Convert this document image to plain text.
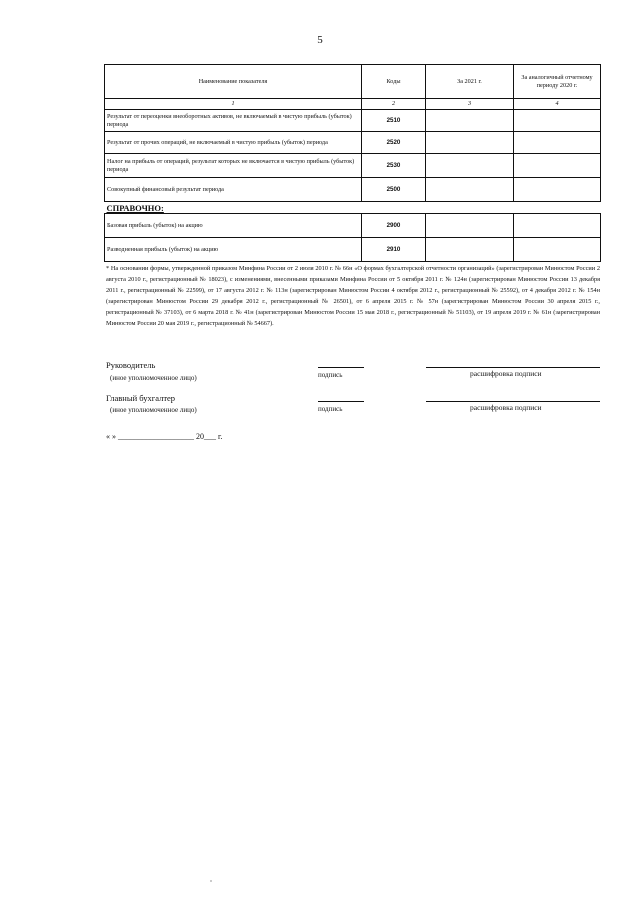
5
Наименование показателя	Коды	За 2021 г.	За аналогичный отчетному периоду 2020 г.
1	2	3	4
Результат от переоценки внеоборотных активов, не включаемый в чистую прибыль (убыток) периода	2510		
Результат от прочих операций, не включаемый в чистую прибыль (убыток) периода	2520		
Налог на прибыль от операций, результат которых не включается в чистую прибыль (убыток) периода	2530		
Совокупный финансовый результат периода	2500		
СПРАВОЧНО:			
Базовая прибыль (убыток) на акцию	2900		
Разводненная прибыль (убыток) на акцию	2910		
* На основании формы, утвержденной приказом Минфина России от 2 июля 2010 г. № 66н «О формах бухгалтерской отчетности организаций» (зарегистрирован Минюстом России 2 августа 2010 г., регистрационный № 18023), с изменениями, внесенными приказами Минфина России от 5 октября 2011 г. № 124н (зарегистрирован Минюстом России 13 декабря 2011 г., регистрационный № 22599), от 17 августа 2012 г. № 113н (зарегистрирован Минюстом России 4 октября 2012 г., регистрационный № 25592), от 4 декабря 2012 г. № 154н (зарегистрирован Минюстом России 29 декабря 2012 г., регистрационный № 26501), от 6 апреля 2015 г. № 57н (зарегистрирован Минюстом России 30 апреля 2015 г., регистрационный № 37103), от 6 марта 2018 г. № 41н (зарегистрирован Минюстом России 15 мая 2018 г., регистрационный № 51103), от 19 апреля 2019 г. № 61н (зарегистрирован Минюстом России 20 мая 2019 г., регистрационный № 54667).
Руководитель
(иное уполномоченное лицо)	подпись	расшифровка подписи
Главный бухгалтер
(иное уполномоченное лицо)	подпись	расшифровка подписи
« » ___________________ 20___ г.
